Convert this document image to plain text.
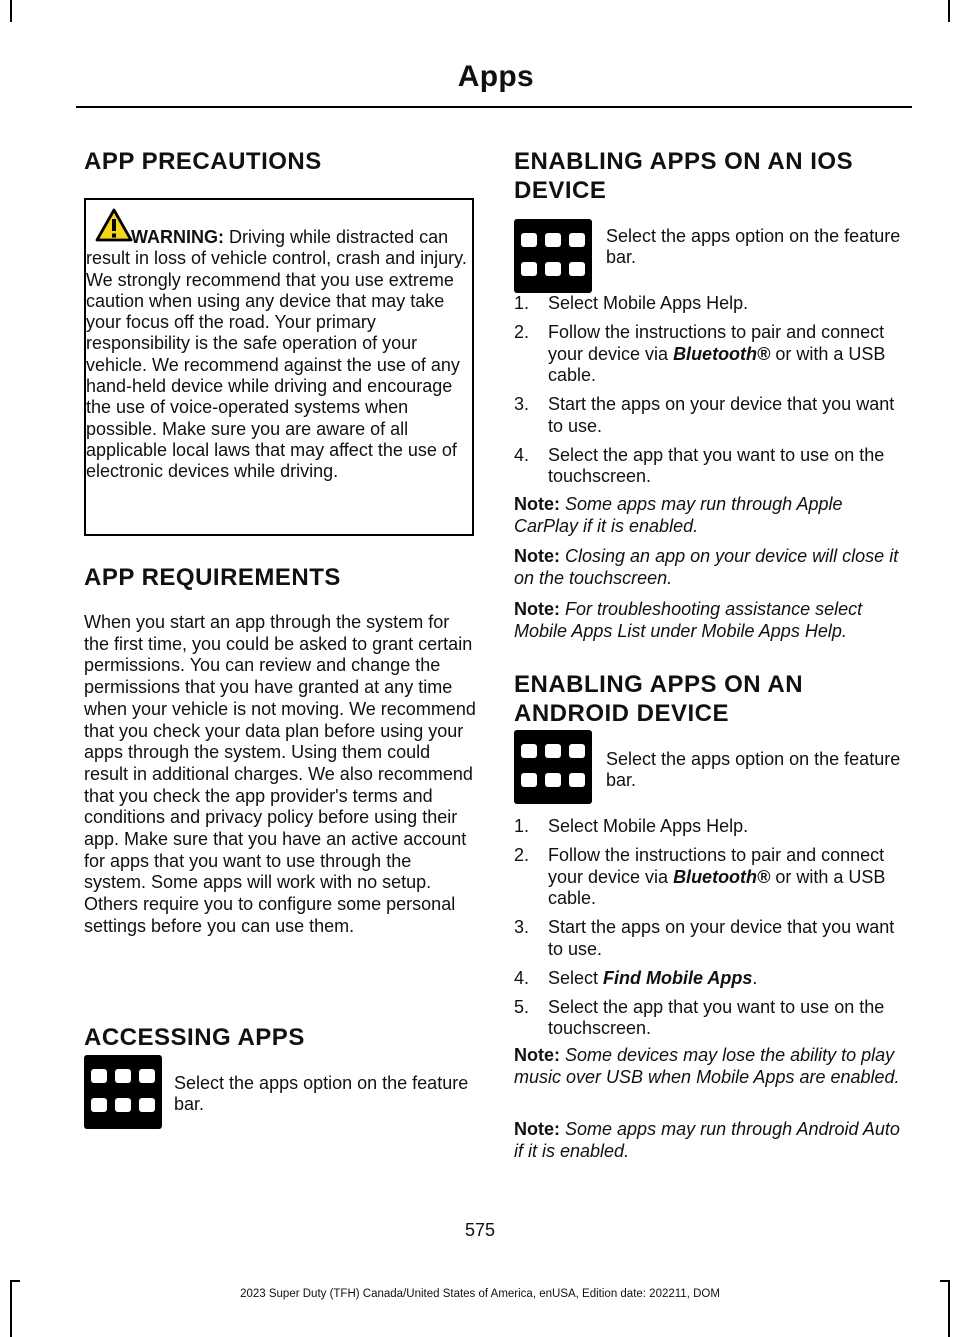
Apps
APP PRECAUTIONS
WARNING: Driving while distracted can result in loss of vehicle control, crash and injury. We strongly recommend that you use extreme caution when using any device that may take your focus off the road. Your primary responsibility is the safe operation of your vehicle. We recommend against the use of any hand-held device while driving and encourage the use of voice-operated systems when possible. Make sure you are aware of all applicable local laws that may affect the use of electronic devices while driving.
APP REQUIREMENTS
When you start an app through the system for the first time, you could be asked to grant certain permissions. You can review and change the permissions that you have granted at any time when your vehicle is not moving. We recommend that you check your data plan before using your apps through the system. Using them could result in additional charges. We also recommend that you check the app provider's terms and conditions and privacy policy before using their app. Make sure that you have an active account for apps that you want to use through the system. Some apps will work with no setup. Others require you to configure some personal settings before you can use them.
ACCESSING APPS
Select the apps option on the feature bar.
ENABLING APPS ON AN IOS
DEVICE
Select the apps option on the feature bar.
1. Select Mobile Apps Help.
2. Follow the instructions to pair and connect your device via Bluetooth® or with a USB cable.
3. Start the apps on your device that you want to use.
4. Select the app that you want to use on the touchscreen.
Note: Some apps may run through Apple CarPlay if it is enabled.
Note: Closing an app on your device will close it on the touchscreen.
Note: For troubleshooting assistance select Mobile Apps List under Mobile Apps Help.
ENABLING APPS ON AN
ANDROID DEVICE
Select the apps option on the feature bar.
1. Select Mobile Apps Help.
2. Follow the instructions to pair and connect your device via Bluetooth® or with a USB cable.
3. Start the apps on your device that you want to use.
4. Select Find Mobile Apps.
5. Select the app that you want to use on the touchscreen.
Note: Some devices may lose the ability to play music over USB when Mobile Apps are enabled.
Note: Some apps may run through Android Auto if it is enabled.
575
2023 Super Duty (TFH) Canada/United States of America, enUSA, Edition date: 202211, DOM
